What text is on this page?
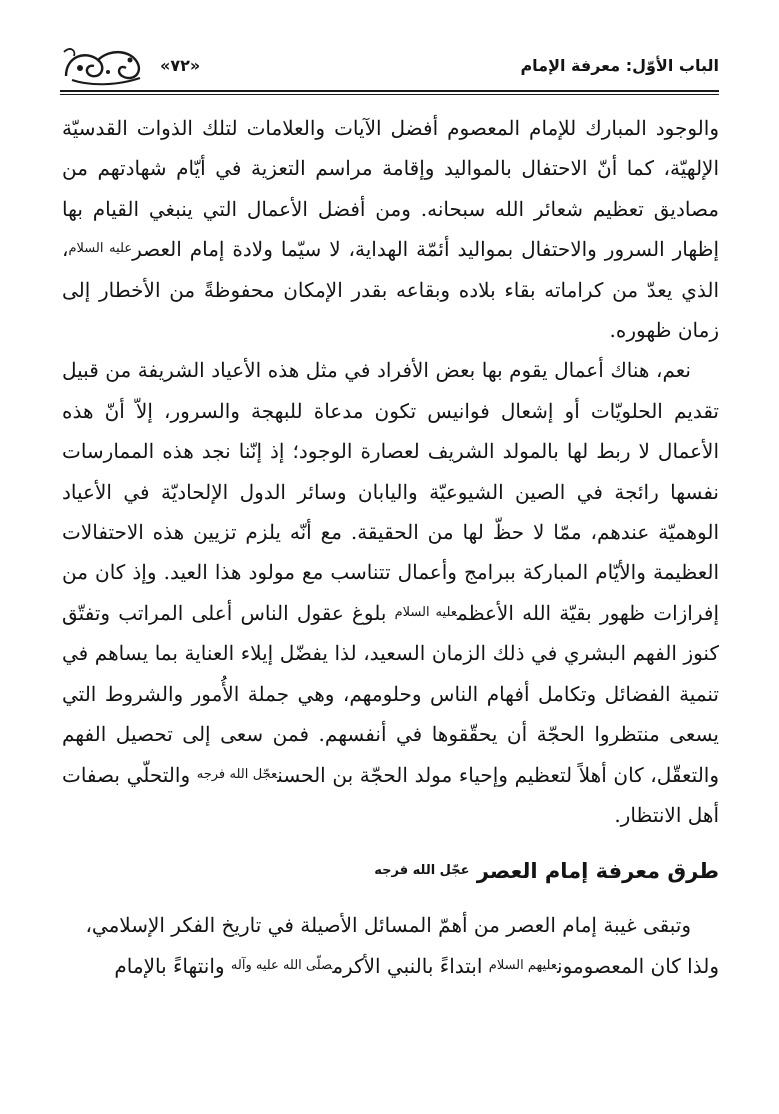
«٧٢»	الباب الأوّل: معرفة الإمام

والوجود المبارك للإمام المعصوم أفضل الآيات والعلامات لتلك الذوات القدسيّة الإلهيّة، كما أنّ الاحتفال بالمواليد وإقامة مراسم التعزية في أيّام شهادتهم من مصاديق تعظيم شعائر الله سبحانه. ومن أفضل الأعمال التي ينبغي القيام بها إظهار السرور والاحتفال بمواليد أئمّة الهداية، لا سيّما ولادة إمام العصر$^{عليه السلام}$، الذي يعدّ من كراماته بقاء بلاده وبقاعه بقدر الإمكان محفوظةً من الأخطار إلى زمان ظهوره.

نعم، هناك أعمال يقوم بها بعض الأفراد في مثل هذه الأعياد الشريفة من قبيل تقديم الحلويّات أو إشعال فوانيس تكون مدعاة للبهجة والسرور، إلاّ أنّ هذه الأعمال لا ربط لها بالمولد الشريف لعصارة الوجود؛ إذ إنّنا نجد هذه الممارسات نفسها رائجة في الصين الشيوعيّة واليابان وسائر الدول الإلحاديّة في الأعياد الوهميّة عندهم، ممّا لا حظّ لها من الحقيقة. مع أنّه يلزم تزيين هذه الاحتفالات العظيمة والأيّام المباركة ببرامج وأعمال تتناسب مع مولود هذا العيد. وإذ كان من إفرازات ظهور بقيّة الله الأعظم$^{عليه السلام}$ بلوغ عقول الناس أعلى المراتب وتفتّق كنوز الفهم البشري في ذلك الزمان السعيد، لذا يفضّل إيلاء العناية بما يساهم في تنمية الفضائل وتكامل أفهام الناس وحلومهم، وهي جملة الأُمور والشروط التي يسعى منتظروا الحجّة أن يحقّقوها في أنفسهم. فمن سعى إلى تحصيل الفهم والتعقّل، كان أهلاً لتعظيم وإحياء مولد الحجّة بن الحسن$^{عجّل الله فرجه}$ والتحلّي بصفات أهل الانتظار.

طرق معرفة إمام العصر عجّل الله فرجه

وتبقى غيبة إمام العصر من أهمّ المسائل الأصيلة في تاريخ الفكر الإسلامي،

ولذا كان المعصومون$^{عليهم السلام}$ ابتداءً بالنبي الأكرم$^{صلّى الله عليه وآله}$ وانتهاءً بالإمام
